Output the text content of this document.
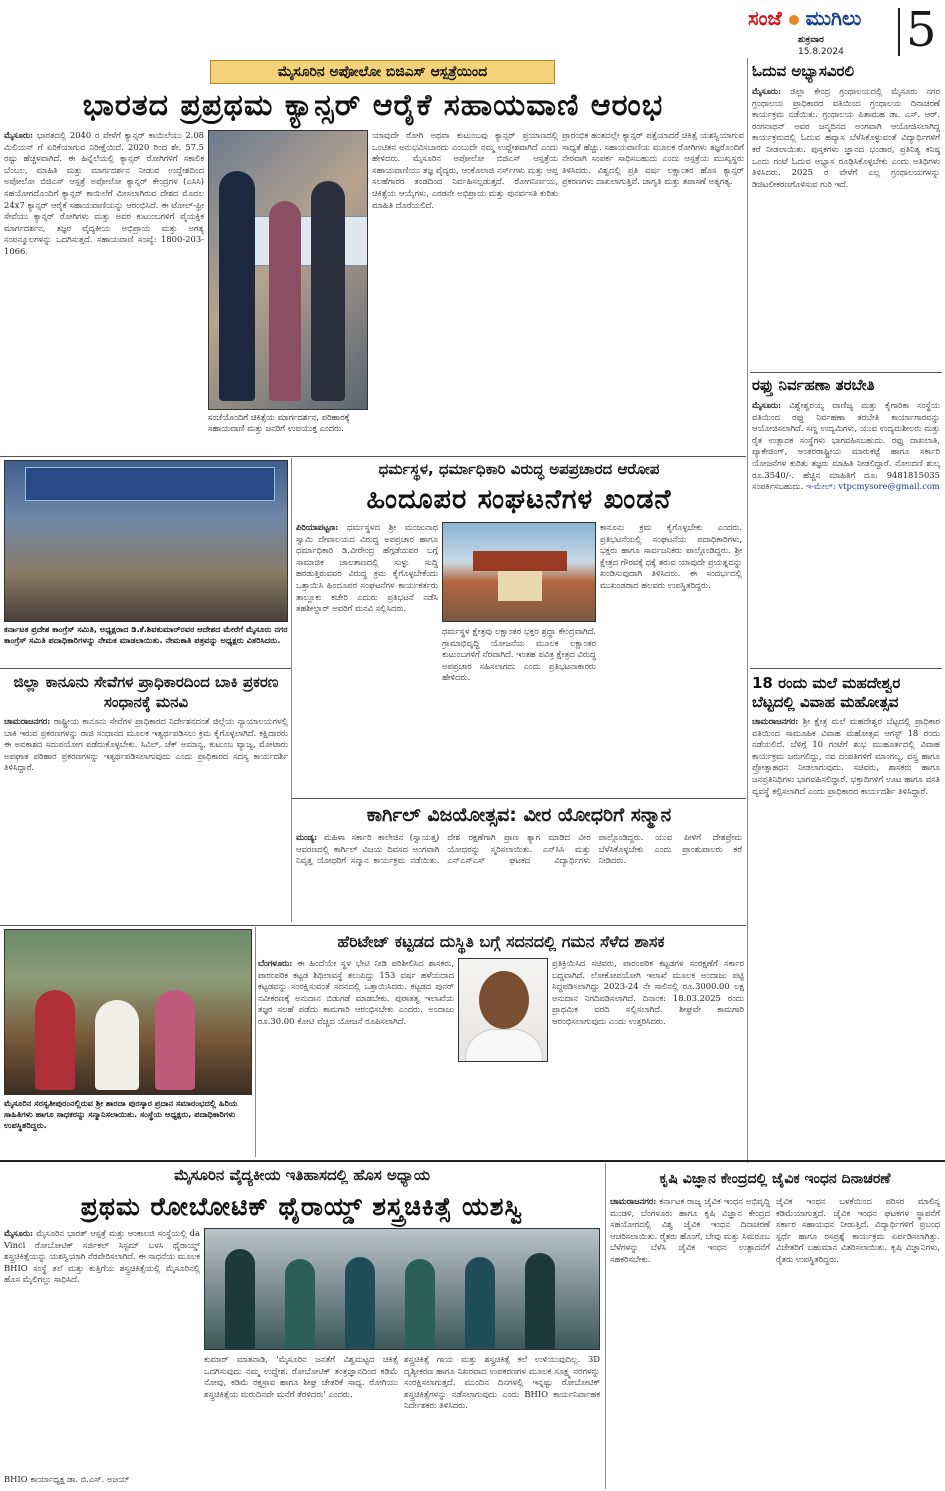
ಸಂಜೆ ಮುಗಿಲು
ಶುಕ್ರವಾರ
15.8.2024 5
ಮೈಸೂರಿನ ಅಪೋಲೋ ಬಿಜಿಎಸ್ ಆಸ್ಪತ್ರೆಯಿಂದ
ಭಾರತದ ಪ್ರಪ್ರಥಮ ಕ್ಯಾನ್ಸರ್ ಆರೈಕೆ ಸಹಾಯವಾಣಿ ಆರಂಭ
ಮೈಸೂರು: ಭಾರತದಲ್ಲಿ 2040 ರ ವೇಳೆಗೆ ಕ್ಯಾನ್ಸರ್ ಕಾಯಿಲೆಯು 2.08 ಮಿಲಿಯನ್ ಗೆ ಏರಿಕೆಯಾಗುವ ನಿರೀಕ್ಷೆಯಿದೆ. 2020 ರಿಂದ ಶೇ. 57.5 ರಷ್ಟು ಹೆಚ್ಚಳವಾಗಿದೆ. ಈ ಹಿನ್ನೆಲೆಯಲ್ಲಿ ಕ್ಯಾನ್ಸರ್ ರೋಗಿಗಳಿಗೆ ಸಕಾಲಿಕ ಬೆಂಬಲ, ಮಾಹಿತಿ ಮತ್ತು ಮಾರ್ಗದರ್ಶನ ನೀಡುವ ಉದ್ದೇಶದಿಂದ ಅಪೋಲೋ ಬಿಜಿಎಸ್ ಆಸ್ಪತ್ರೆ ಅಪೋಲೋ ಕ್ಯಾನ್ಸರ್ ಕೇಂದ್ರಗಳ (ಎಸಿಸಿ) ಸಹಯೋಗದೊಂದಿಗೆ ಕ್ಯಾನ್ಸರ್ ಕಾಯಿಲೆಗೆ ಮೀಸಲಾಗಿರುವ ದೇಶದ ಮೊದಲ 24x7 ಕ್ಯಾನ್ಸರ್ ಆರೈಕೆ ಸಹಾಯವಾಣಿಯನ್ನು ಆರಂಭಿಸಿದೆ. ಈ ಟೋಲ್-ಫ್ರೀ ಸೇವೆಯು ಕ್ಯಾನ್ಸರ್ ರೋಗಿಗಳು ಮತ್ತು ಅವರ ಕುಟುಂಬಗಳಿಗೆ ವೈಯಕ್ತಿಕ ಮಾರ್ಗದರ್ಶನ, ತಜ್ಞರ ವೈದ್ಯಕೀಯ ಅಭಿಪ್ರಾಯ ಮತ್ತು ಅಗತ್ಯ ಸಂಪನ್ಮೂಲಗಳನ್ನು ಒದಗಿಸುತ್ತದೆ. ಸಹಾಯವಾಣಿ ಸಂಖ್ಯೆ: 1800-203-1066.
ಸಂಜೆಯೊಂದಿಗೆ ಚಿಕಿತ್ಸೆಯ ಮಾರ್ಗದರ್ಶನ, ಪರಿಹಾರಕ್ಕೆ ಸಹಾಯವಾಣಿ ಮತ್ತು ಜನರಿಗೆ ಉಪಯುಕ್ತ ಎಂದರು.
ಯಾವುದೇ ರೋಗಿ ಅಥವಾ ಕುಟುಂಬವು ಕ್ಯಾನ್ಸರ್ ಪ್ರಯಾಣದಲ್ಲಿ ಒಂಟಿತನ ಅನುಭವಿಸಬಾರದು ಎಂಬುದೇ ನಮ್ಮ ಉದ್ದೇಶವಾಗಿದೆ ಎಂದು ಹೇಳಿದರು. ಮೈಸೂರಿನ ಅಪೋಲೋ ಬಿಜಿಎಸ್ ಆಸ್ಪತ್ರೆಯ ಸಹಾಯವಾಣಿಯು ತಜ್ಞ ವೈದ್ಯರು, ಆಂಕೊಲಾಜಿ ನರ್ಸ್‌ಗಳು ಮತ್ತು ಆಪ್ತ ಸಲಹೆಗಾರರ ತಂಡದಿಂದ ನಿರ್ವಹಿಸಲ್ಪಡುತ್ತದೆ. ರೋಗನಿರ್ಣಯ, ಚಿಕಿತ್ಸೆಯ ಆಯ್ಕೆಗಳು, ಎರಡನೇ ಅಭಿಪ್ರಾಯ ಮತ್ತು ಪುನರ್ವಸತಿ ಕುರಿತು ಮಾಹಿತಿ ದೊರೆಯಲಿದೆ.
ಪ್ರಾರಂಭಿಕ ಹಂತದಲ್ಲೇ ಕ್ಯಾನ್ಸರ್ ಪತ್ತೆಯಾದರೆ ಚಿಕಿತ್ಸೆ ಯಶಸ್ವಿಯಾಗುವ ಸಾಧ್ಯತೆ ಹೆಚ್ಚು. ಸಹಾಯವಾಣಿಯ ಮೂಲಕ ರೋಗಿಗಳು ತಜ್ಞರೊಂದಿಗೆ ನೇರವಾಗಿ ಸಂಪರ್ಕ ಸಾಧಿಸಬಹುದು ಎಂದು ಆಸ್ಪತ್ರೆಯ ಮುಖ್ಯಸ್ಥರು ತಿಳಿಸಿದರು. ವಿಶ್ವದಲ್ಲಿ ಪ್ರತಿ ವರ್ಷ ಲಕ್ಷಾಂತರ ಹೊಸ ಕ್ಯಾನ್ಸರ್ ಪ್ರಕರಣಗಳು ದಾಖಲಾಗುತ್ತಿವೆ. ಜಾಗೃತಿ ಮತ್ತು ತಪಾಸಣೆ ಅತ್ಯಗತ್ಯ.
ಓದುವ ಅಭ್ಯಾಸವಿರಲಿ
ಮೈಸೂರು: ಜಿಲ್ಲಾ ಕೇಂದ್ರ ಗ್ರಂಥಾಲಯದಲ್ಲಿ ಮೈಸೂರು ನಗರ ಗ್ರಂಥಾಲಯ ಪ್ರಾಧಿಕಾರದ ವತಿಯಿಂದ ಗ್ರಂಥಾಲಯ ದಿನಾಚರಣೆ ಕಾರ್ಯಕ್ರಮ ನಡೆಯಿತು. ಗ್ರಂಥಾಲಯ ಪಿತಾಮಹ ಡಾ. ಎಸ್. ಆರ್. ರಂಗನಾಥನ್ ಅವರ ಜನ್ಮದಿನದ ಅಂಗವಾಗಿ ಆಯೋಜಿಸಲಾಗಿದ್ದ ಕಾರ್ಯಕ್ರಮದಲ್ಲಿ ಓದುವ ಹವ್ಯಾಸ ಬೆಳೆಸಿಕೊಳ್ಳುವಂತೆ ವಿದ್ಯಾರ್ಥಿಗಳಿಗೆ ಕರೆ ನೀಡಲಾಯಿತು. ಪುಸ್ತಕಗಳು ಜ್ಞಾನದ ಭಂಡಾರ, ಪ್ರತಿನಿತ್ಯ ಕನಿಷ್ಠ ಒಂದು ಗಂಟೆ ಓದುವ ಅಭ್ಯಾಸ ರೂಢಿಸಿಕೊಳ್ಳಬೇಕು ಎಂದು ಅತಿಥಿಗಳು ತಿಳಿಸಿದರು. 2025 ರ ವೇಳೆಗೆ ಎಲ್ಲ ಗ್ರಂಥಾಲಯಗಳನ್ನು ಡಿಜಿಟಲೀಕರಣಗೊಳಿಸುವ ಗುರಿ ಇದೆ.
ರಫ್ತು ನಿರ್ವಹಣಾ ತರಬೇತಿ
ಮೈಸೂರು: ವಿಶ್ವೇಶ್ವರಯ್ಯ ವಾಣಿಜ್ಯ ಮತ್ತು ಕೈಗಾರಿಕಾ ಸಂಸ್ಥೆಯ ವತಿಯಿಂದ ರಫ್ತು ನಿರ್ವಹಣಾ ತರಬೇತಿ ಕಾರ್ಯಾಗಾರವನ್ನು ಆಯೋಜಿಸಲಾಗಿದೆ. ಸಣ್ಣ ಉದ್ಯಮಿಗಳು, ಯುವ ಉದ್ಯಮಶೀಲರು ಮತ್ತು ರೈತ ಉತ್ಪಾದಕ ಸಂಸ್ಥೆಗಳು ಭಾಗವಹಿಸಬಹುದು. ರಫ್ತು ದಾಖಲಾತಿ, ಪ್ಯಾಕೇಜಿಂಗ್, ಅಂತರರಾಷ್ಟ್ರೀಯ ಮಾರುಕಟ್ಟೆ ಹಾಗೂ ಸರ್ಕಾರಿ ಯೋಜನೆಗಳ ಕುರಿತು ತಜ್ಞರು ಮಾಹಿತಿ ನೀಡಲಿದ್ದಾರೆ. ನೋಂದಣಿ ಶುಲ್ಕ ರೂ.3540/-. ಹೆಚ್ಚಿನ ಮಾಹಿತಿಗೆ ದೂ: 9481815035 ಸಂಪರ್ಕಿಸಬಹುದು. ಇ-ಮೇಲ್: vtpcmysore@gmail.com
18 ರಂದು ಮಲೆ ಮಹದೇಶ್ವರ ಬೆಟ್ಟದಲ್ಲಿ ವಿವಾಹ ಮಹೋತ್ಸವ
ಚಾಮರಾಜನಗರ: ಶ್ರೀ ಕ್ಷೇತ್ರ ಮಲೆ ಮಹದೇಶ್ವರ ಬೆಟ್ಟದಲ್ಲಿ ಪ್ರಾಧಿಕಾರ ವತಿಯಿಂದ ಸಾಮೂಹಿಕ ವಿವಾಹ ಮಹೋತ್ಸವ ಆಗಸ್ಟ್ 18 ರಂದು ನಡೆಯಲಿದೆ. ಬೆಳಿಗ್ಗೆ 10 ಗಂಟೆಗೆ ಶುಭ ಮುಹೂರ್ತದಲ್ಲಿ ವಿವಾಹ ಕಾರ್ಯಕ್ರಮ ಜರುಗಲಿದ್ದು, ನವ ದಂಪತಿಗಳಿಗೆ ಮಾಂಗಲ್ಯ, ವಸ್ತ್ರ ಹಾಗೂ ಪ್ರೋತ್ಸಾಹಧನ ನೀಡಲಾಗುವುದು. ಸಚಿವರು, ಶಾಸಕರು ಹಾಗೂ ಜನಪ್ರತಿನಿಧಿಗಳು ಭಾಗವಹಿಸಲಿದ್ದಾರೆ. ಭಕ್ತಾದಿಗಳಿಗೆ ಊಟ ಹಾಗೂ ವಸತಿ ವ್ಯವಸ್ಥೆ ಕಲ್ಪಿಸಲಾಗಿದೆ ಎಂದು ಪ್ರಾಧಿಕಾರದ ಕಾರ್ಯದರ್ಶಿ ತಿಳಿಸಿದ್ದಾರೆ.
ಕರ್ನಾಟಕ ಪ್ರದೇಶ ಕಾಂಗ್ರೆಸ್ ಸಮಿತಿ, ಅಧ್ಯಕ್ಷರಾದ ಡಿ.ಕೆ.ಶಿವಕುಮಾರ್‌ರವರ ಆದೇಶದ ಮೇರೆಗೆ ಮೈಸೂರು ನಗರ ಕಾಂಗ್ರೆಸ್ ಸಮಿತಿ ಪದಾಧಿಕಾರಿಗಳನ್ನು ನೇಮಕ ಮಾಡಲಾಯಿತು. ನೇಮಕಾತಿ ಪತ್ರವನ್ನು ಅಧ್ಯಕ್ಷರು ವಿತರಿಸಿದರು.
ಜಿಲ್ಲಾ ಕಾನೂನು ಸೇವೆಗಳ ಪ್ರಾಧಿಕಾರದಿಂದ ಬಾಕಿ ಪ್ರಕರಣ ಸಂಧಾನಕ್ಕೆ ಮನವಿ
ಚಾಮರಾಜನಗರ: ರಾಷ್ಟ್ರೀಯ ಕಾನೂನು ಸೇವೆಗಳ ಪ್ರಾಧಿಕಾರದ ನಿರ್ದೇಶನದಂತೆ ಜಿಲ್ಲೆಯ ನ್ಯಾಯಾಲಯಗಳಲ್ಲಿ ಬಾಕಿ ಇರುವ ಪ್ರಕರಣಗಳನ್ನು ರಾಜಿ ಸಂಧಾನದ ಮೂಲಕ ಇತ್ಯರ್ಥಪಡಿಸಲು ಕ್ರಮ ಕೈಗೊಳ್ಳಲಾಗಿದೆ. ಕಕ್ಷಿದಾರರು ಈ ಅವಕಾಶದ ಸದುಪಯೋಗ ಪಡೆದುಕೊಳ್ಳಬೇಕು. ಸಿವಿಲ್, ಚೆಕ್ ಅಮಾನ್ಯ, ಕುಟುಂಬ ವ್ಯಾಜ್ಯ, ಮೋಟಾರು ಅಪಘಾತ ಪರಿಹಾರ ಪ್ರಕರಣಗಳನ್ನು ಇತ್ಯರ್ಥಪಡಿಸಲಾಗುವುದು ಎಂದು ಪ್ರಾಧಿಕಾರದ ಸದಸ್ಯ ಕಾರ್ಯದರ್ಶಿ ತಿಳಿಸಿದ್ದಾರೆ.
ಧರ್ಮಸ್ಥಳ, ಧರ್ಮಾಧಿಕಾರಿ ವಿರುದ್ಧ ಅಪಪ್ರಚಾರದ ಆರೋಪ
ಹಿಂದೂಪರ ಸಂಘಟನೆಗಳ ಖಂಡನೆ
ಪಿರಿಯಾಪಟ್ಟಣ: ಧರ್ಮಸ್ಥಳದ ಶ್ರೀ ಮಂಜುನಾಥ ಸ್ವಾಮಿ ದೇವಾಲಯದ ವಿರುದ್ಧ ಅಪಪ್ರಚಾರ ಹಾಗೂ ಧರ್ಮಾಧಿಕಾರಿ ಡಿ.ವೀರೇಂದ್ರ ಹೆಗ್ಗಡೆಯವರ ಬಗ್ಗೆ ಸಾಮಾಜಿಕ ಜಾಲತಾಣದಲ್ಲಿ ಸುಳ್ಳು ಸುದ್ದಿ ಹರಡುತ್ತಿರುವವರ ವಿರುದ್ಧ ಕ್ರಮ ಕೈಗೊಳ್ಳಬೇಕೆಂದು ಒತ್ತಾಯಿಸಿ ಹಿಂದೂಪರ ಸಂಘಟನೆಗಳ ಕಾರ್ಯಕರ್ತರು ತಾಲ್ಲೂಕು ಕಚೇರಿ ಎದುರು ಪ್ರತಿಭಟನೆ ನಡೆಸಿ ತಹಶೀಲ್ದಾರ್ ಅವರಿಗೆ ಮನವಿ ಸಲ್ಲಿಸಿದರು.
ಧರ್ಮಸ್ಥಳ ಕ್ಷೇತ್ರವು ಲಕ್ಷಾಂತರ ಭಕ್ತರ ಶ್ರದ್ಧಾ ಕೇಂದ್ರವಾಗಿದೆ. ಗ್ರಾಮಾಭಿವೃದ್ಧಿ ಯೋಜನೆಯ ಮೂಲಕ ಲಕ್ಷಾಂತರ ಕುಟುಂಬಗಳಿಗೆ ನೆರವಾಗಿದೆ. ಇಂತಹ ಪವಿತ್ರ ಕ್ಷೇತ್ರದ ವಿರುದ್ಧ ಅಪಪ್ರಚಾರ ಸಹಿಸಲಾಗದು ಎಂದು ಪ್ರತಿಭಟನಾಕಾರರು ಹೇಳಿದರು.
ಕಾನೂನು ಕ್ರಮ ಕೈಗೊಳ್ಳಬೇಕು ಎಂದರು. ಪ್ರತಿಭಟನೆಯಲ್ಲಿ ಸಂಘಟನೆಯ ಪದಾಧಿಕಾರಿಗಳು, ಭಕ್ತರು ಹಾಗೂ ಸಾರ್ವಜನಿಕರು ಪಾಲ್ಗೊಂಡಿದ್ದರು. ಶ್ರೀ ಕ್ಷೇತ್ರದ ಗೌರವಕ್ಕೆ ಧಕ್ಕೆ ತರುವ ಯಾವುದೇ ಪ್ರಯತ್ನವನ್ನು ಖಂಡಿಸುವುದಾಗಿ ತಿಳಿಸಿದರು. ಈ ಸಂದರ್ಭದಲ್ಲಿ ಮುಖಂಡರಾದ ಹಲವರು ಉಪಸ್ಥಿತರಿದ್ದರು.
ಕಾರ್ಗಿಲ್ ವಿಜಯೋತ್ಸವ: ವೀರ ಯೋಧರಿಗೆ ಸನ್ಮಾನ
ಮಂಡ್ಯ: ಮಹಿಳಾ ಸರ್ಕಾರಿ ಕಾಲೇಜಿನ (ಸ್ವಾಯತ್ತ) ಆವರಣದಲ್ಲಿ ಕಾರ್ಗಿಲ್ ವಿಜಯ ದಿವಸದ ಅಂಗವಾಗಿ ನಿವೃತ್ತ ಯೋಧರಿಗೆ ಸನ್ಮಾನ ಕಾರ್ಯಕ್ರಮ ನಡೆಯಿತು. ದೇಶ ರಕ್ಷಣೆಗಾಗಿ ಪ್ರಾಣ ತ್ಯಾಗ ಮಾಡಿದ ವೀರ ಯೋಧರನ್ನು ಸ್ಮರಿಸಲಾಯಿತು. ಎನ್‌ಸಿಸಿ ಮತ್ತು ಎನ್‌ಎಸ್‌ಎಸ್ ಘಟಕದ ವಿದ್ಯಾರ್ಥಿಗಳು ಪಾಲ್ಗೊಂಡಿದ್ದರು. ಯುವ ಪೀಳಿಗೆ ದೇಶಪ್ರೇಮ ಬೆಳೆಸಿಕೊಳ್ಳಬೇಕು ಎಂದು ಪ್ರಾಂಶುಪಾಲರು ಕರೆ ನೀಡಿದರು.
ಮೈಸೂರಿನ ಸರಸ್ವತೀಪುರಂನಲ್ಲಿರುವ ಶ್ರೀ ಶಾರದಾ ಪುರಸ್ಕಾರ ಪ್ರದಾನ ಸಮಾರಂಭದಲ್ಲಿ ಹಿರಿಯ ಸಾಹಿತಿಗಳು ಹಾಗೂ ಸಾಧಕರನ್ನು ಸನ್ಮಾನಿಸಲಾಯಿತು. ಸಂಸ್ಥೆಯ ಅಧ್ಯಕ್ಷರು, ಪದಾಧಿಕಾರಿಗಳು ಉಪಸ್ಥಿತರಿದ್ದರು.
ಹೆರಿಟೇಜ್ ಕಟ್ಟಡದ ದುಸ್ಥಿತಿ ಬಗ್ಗೆ ಸದನದಲ್ಲಿ ಗಮನ ಸೆಳೆದ ಶಾಸಕ
ಬೆಂಗಳೂರು: ಈ ಹಿಂದೆಯೇ ಸ್ಥಳ ಭೇಟಿ ನೀಡಿ ಪರಿಶೀಲಿಸಿದ ಶಾಸಕರು, ಪಾರಂಪರಿಕ ಕಟ್ಟಡ ಶಿಥಿಲಾವಸ್ಥೆ ತಲುಪಿದ್ದು 153 ವರ್ಷ ಹಳೆಯದಾದ ಕಟ್ಟಡವನ್ನು ಸಂರಕ್ಷಿಸುವಂತೆ ಸದನದಲ್ಲಿ ಒತ್ತಾಯಿಸಿದರು. ಕಟ್ಟಡದ ಪುನರ್ ನವೀಕರಣಕ್ಕೆ ಅನುದಾನ ಬಿಡುಗಡೆ ಮಾಡಬೇಕು. ಪುರಾತತ್ವ ಇಲಾಖೆಯ ತಜ್ಞರ ಸಲಹೆ ಪಡೆದು ಕಾಮಗಾರಿ ಆರಂಭಿಸಬೇಕು ಎಂದರು. ಅಂದಾಜು ರೂ.30.00 ಕೋಟಿ ವೆಚ್ಚದ ಯೋಜನೆ ರೂಪಿಸಲಾಗಿದೆ.
ಪ್ರತಿಕ್ರಿಯಿಸಿದ ಸಚಿವರು, ಪಾರಂಪರಿಕ ಕಟ್ಟಡಗಳ ಸಂರಕ್ಷಣೆಗೆ ಸರ್ಕಾರ ಬದ್ಧವಾಗಿದೆ. ಲೋಕೋಪಯೋಗಿ ಇಲಾಖೆ ಮೂಲಕ ಅಂದಾಜು ಪಟ್ಟಿ ಸಿದ್ಧಪಡಿಸಲಾಗಿದ್ದು 2023-24 ನೇ ಸಾಲಿನಲ್ಲಿ ರೂ.3000.00 ಲಕ್ಷ ಅನುದಾನ ನಿಗದಿಪಡಿಸಲಾಗಿದೆ. ದಿನಾಂಕ: 18.03.2025 ರಂದು ಪ್ರಾಥಮಿಕ ವರದಿ ಸಲ್ಲಿಸಲಾಗಿದೆ. ಶೀಘ್ರವೇ ಕಾಮಗಾರಿ ಆರಂಭಿಸಲಾಗುವುದು ಎಂದು ಉತ್ತರಿಸಿದರು.
ಮೈಸೂರಿನ ವೈದ್ಯಕೀಯ ಇತಿಹಾಸದಲ್ಲಿ ಹೊಸ ಅಧ್ಯಾಯ
ಪ್ರಥಮ ರೋಬೋಟಿಕ್ ಥೈರಾಯ್ಡ್ ಶಸ್ತ್ರಚಿಕಿತ್ಸೆ ಯಶಸ್ವಿ
ಮೈಸೂರು: ಮೈಸೂರಿನ ಭಾರತ್ ಆಸ್ಪತ್ರೆ ಮತ್ತು ಆಂಕಾಲಜಿ ಸಂಸ್ಥೆಯಲ್ಲಿ da Vinci ರೋಬೋಟಿಕ್ ಸರ್ಜಿಕಲ್ ಸಿಸ್ಟಮ್ ಬಳಸಿ ಥೈರಾಯ್ಡ್ ಶಸ್ತ್ರಚಿಕಿತ್ಸೆಯನ್ನು ಯಶಸ್ವಿಯಾಗಿ ನೆರವೇರಿಸಲಾಗಿದೆ. ಈ ಸಾಧನೆಯ ಮೂಲಕ BHIO ಸಂಸ್ಥೆ ತಲೆ ಮತ್ತು ಕುತ್ತಿಗೆಯ ಶಸ್ತ್ರಚಿಕಿತ್ಸೆಯಲ್ಲಿ ಮೈಸೂರಿನಲ್ಲಿ ಹೊಸ ಮೈಲಿಗಲ್ಲು ಸಾಧಿಸಿದೆ.
BHIO ಕಾರ್ಯಾಧ್ಯಕ್ಷ ಡಾ. ಬಿ.ಎಸ್. ಅಜಯ್
ಕುಮಾರ್ ಮಾತನಾಡಿ, 'ಮೈಸೂರಿನ ಜನತೆಗೆ ವಿಶ್ವಮಟ್ಟದ ಚಿಕಿತ್ಸೆ ಒದಗಿಸುವುದು ನಮ್ಮ ಉದ್ದೇಶ. ರೋಬೋಟಿಕ್ ತಂತ್ರಜ್ಞಾನದಿಂದ ಕಡಿಮೆ ನೋವು, ಕಡಿಮೆ ರಕ್ತಸ್ರಾವ ಹಾಗೂ ಶೀಘ್ರ ಚೇತರಿಕೆ ಸಾಧ್ಯ. ರೋಗಿಯು ಶಸ್ತ್ರಚಿಕಿತ್ಸೆಯ ಮರುದಿನವೇ ಮನೆಗೆ ತೆರಳಿದರು' ಎಂದರು.
ಶಸ್ತ್ರಚಿಕಿತ್ಸೆ ಗಾಯ ಮತ್ತು ಶಸ್ತ್ರಚಿಕಿತ್ಸೆ ಕಲೆ ಉಳಿಯುವುದಿಲ್ಲ. 3D ದೃಶ್ಯೀಕರಣ ಹಾಗೂ ನಿಖರವಾದ ಉಪಕರಣಗಳ ಮೂಲಕ ಸೂಕ್ಷ್ಮ ನರಗಳನ್ನು ಸಂರಕ್ಷಿಸಲಾಗುತ್ತದೆ. ಮುಂದಿನ ದಿನಗಳಲ್ಲಿ ಇನ್ನಷ್ಟು ರೋಬೋಟಿಕ್ ಶಸ್ತ್ರಚಿಕಿತ್ಸೆಗಳನ್ನು ನಡೆಸಲಾಗುವುದು ಎಂದು BHIO ಕಾರ್ಯನಿರ್ವಾಹಕ ನಿರ್ದೇಶಕರು ತಿಳಿಸಿದರು.
ಕೃಷಿ ವಿಜ್ಞಾನ ಕೇಂದ್ರದಲ್ಲಿ ಜೈವಿಕ ಇಂಧನ ದಿನಾಚರಣೆ
ಚಾಮರಾಜನಗರ: ಕರ್ನಾಟಕ ರಾಜ್ಯ ಜೈವಿಕ ಇಂಧನ ಅಭಿವೃದ್ಧಿ ಮಂಡಳಿ, ಬೆಂಗಳೂರು ಹಾಗೂ ಕೃಷಿ ವಿಜ್ಞಾನ ಕೇಂದ್ರದ ಸಹಯೋಗದಲ್ಲಿ ವಿಶ್ವ ಜೈವಿಕ ಇಂಧನ ದಿನಾಚರಣೆ ಆಚರಿಸಲಾಯಿತು. ರೈತರು ಹೊಂಗೆ, ಬೇವು ಮತ್ತು ಸಿಮರೂಬ ಬೆಳೆಗಳನ್ನು ಬೆಳೆಸಿ ಜೈವಿಕ ಇಂಧನ ಉತ್ಪಾದನೆಗೆ ಸಹಕರಿಸಬೇಕು.
ಜೈವಿಕ ಇಂಧನ ಬಳಕೆಯಿಂದ ಪರಿಸರ ಮಾಲಿನ್ಯ ಕಡಿಮೆಯಾಗುತ್ತದೆ. ಜೈವಿಕ ಇಂಧನ ಘಟಕಗಳ ಸ್ಥಾಪನೆಗೆ ಸರ್ಕಾರ ಸಹಾಯಧನ ನೀಡುತ್ತಿದೆ. ವಿದ್ಯಾರ್ಥಿಗಳಿಗೆ ಪ್ರಬಂಧ ಸ್ಪರ್ಧೆ ಹಾಗೂ ರಸಪ್ರಶ್ನೆ ಕಾರ್ಯಕ್ರಮ ಏರ್ಪಡಿಸಲಾಗಿತ್ತು. ವಿಜೇತರಿಗೆ ಬಹುಮಾನ ವಿತರಿಸಲಾಯಿತು. ಕೃಷಿ ವಿಜ್ಞಾನಿಗಳು, ರೈತರು ಉಪಸ್ಥಿತರಿದ್ದರು.
